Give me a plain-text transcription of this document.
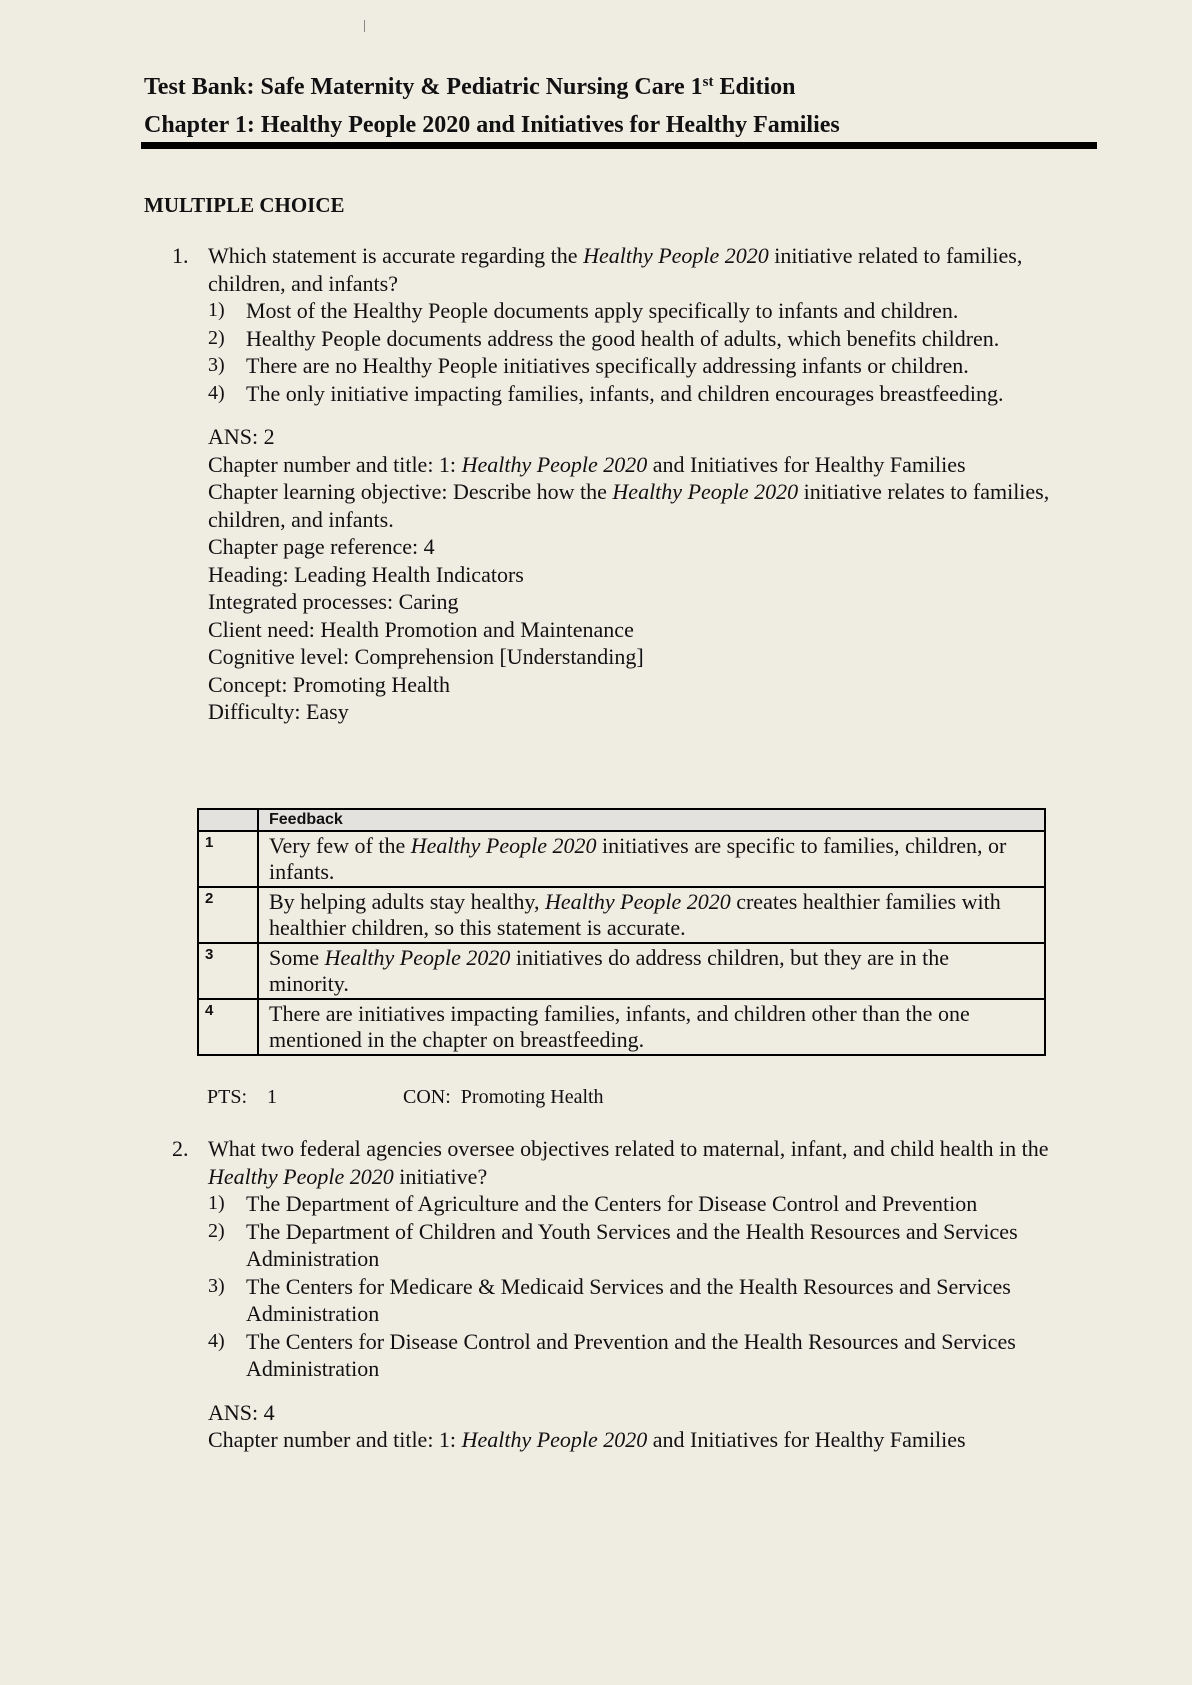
Test Bank: Safe Maternity & Pediatric Nursing Care 1st Edition
Chapter 1: Healthy People 2020 and Initiatives for Healthy Families
MULTIPLE CHOICE
1. Which statement is accurate regarding the Healthy People 2020 initiative related to families, children, and infants?
1) Most of the Healthy People documents apply specifically to infants and children.
2) Healthy People documents address the good health of adults, which benefits children.
3) There are no Healthy People initiatives specifically addressing infants or children.
4) The only initiative impacting families, infants, and children encourages breastfeeding.
ANS: 2
Chapter number and title: 1: Healthy People 2020 and Initiatives for Healthy Families
Chapter learning objective: Describe how the Healthy People 2020 initiative relates to families, children, and infants.
Chapter page reference: 4
Heading: Leading Health Indicators
Integrated processes: Caring
Client need: Health Promotion and Maintenance
Cognitive level: Comprehension [Understanding]
Concept: Promoting Health
Difficulty: Easy
	Feedback
1	Very few of the Healthy People 2020 initiatives are specific to families, children, or infants.
2	By helping adults stay healthy, Healthy People 2020 creates healthier families with healthier children, so this statement is accurate.
3	Some Healthy People 2020 initiatives do address children, but they are in the minority.
4	There are initiatives impacting families, infants, and children other than the one mentioned in the chapter on breastfeeding.
PTS: 1	CON: Promoting Health
2. What two federal agencies oversee objectives related to maternal, infant, and child health in the Healthy People 2020 initiative?
1) The Department of Agriculture and the Centers for Disease Control and Prevention
2) The Department of Children and Youth Services and the Health Resources and Services Administration
3) The Centers for Medicare & Medicaid Services and the Health Resources and Services Administration
4) The Centers for Disease Control and Prevention and the Health Resources and Services Administration
ANS: 4
Chapter number and title: 1: Healthy People 2020 and Initiatives for Healthy Families
